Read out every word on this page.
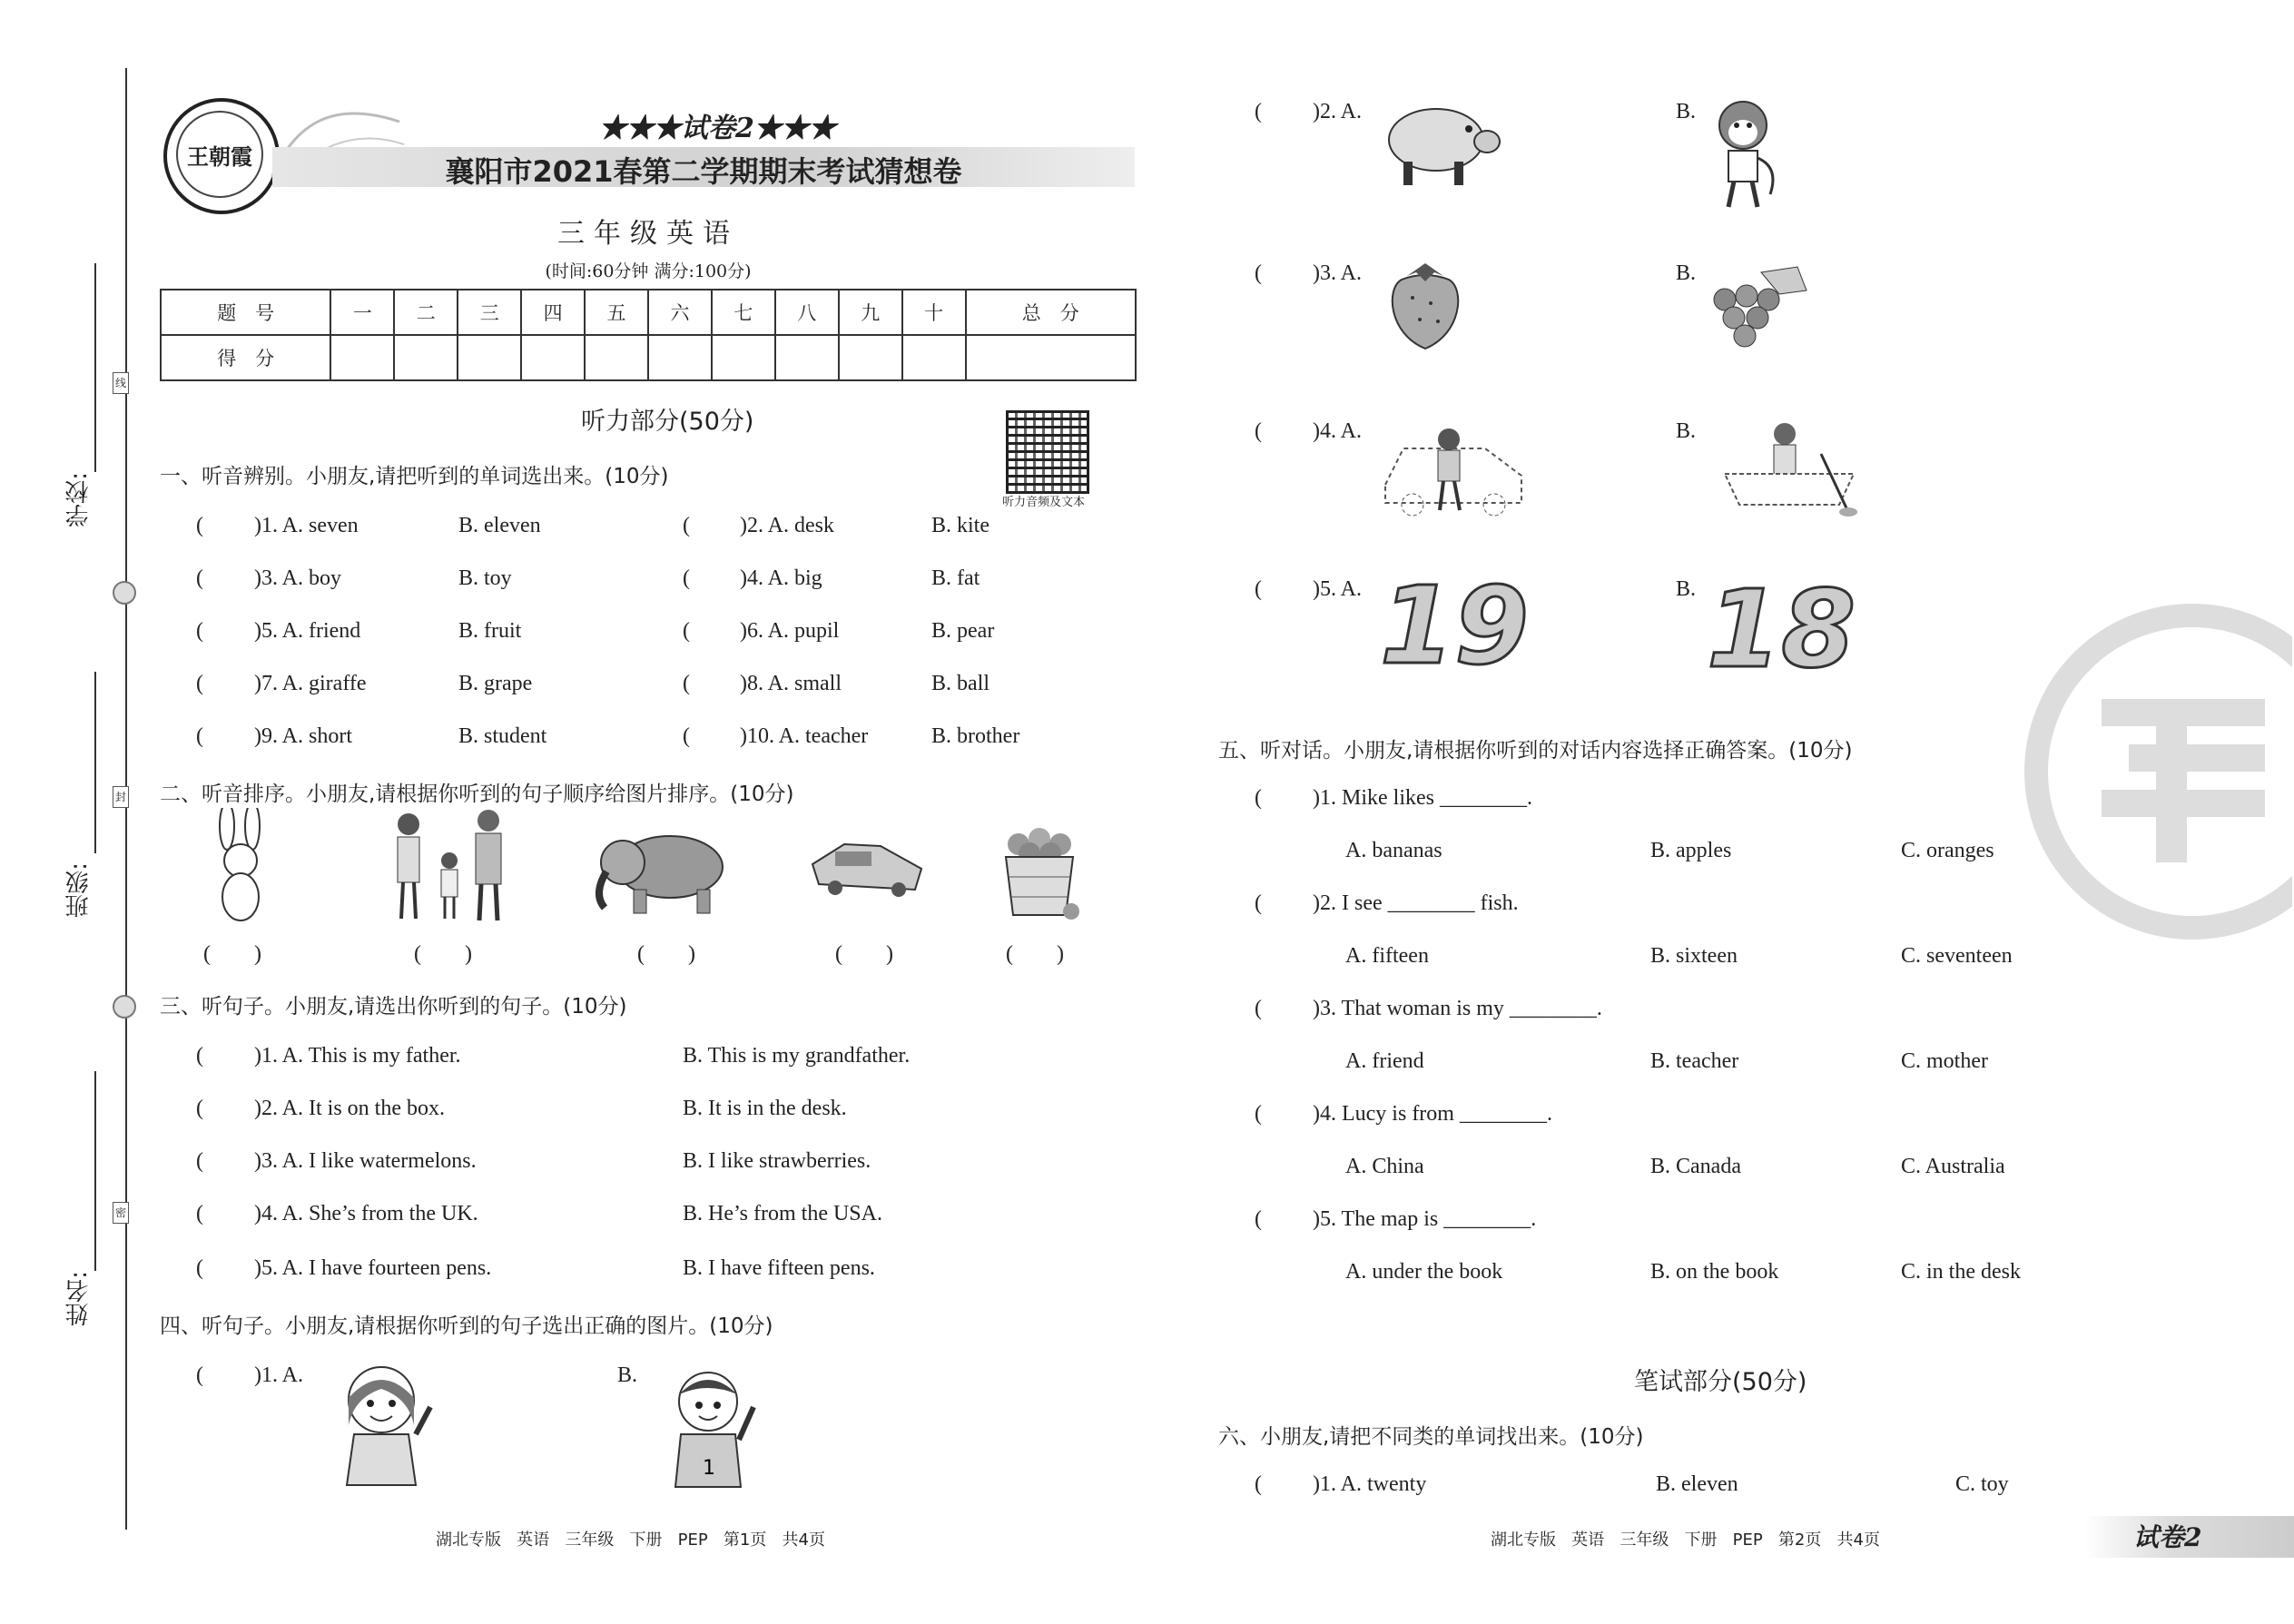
学校:
班级:
姓名:
线
封
密
王朝霞
★★★试卷2★★★
襄阳市2021春第二学期期末考试猜想卷
三年级英语
(时间:60分钟 满分:100分)
题　号	一	二	三	四	五	六	七	八	九	十	总　分
得　分											
听力部分(50分)
听力音频及文本
一、听音辨别。小朋友,请把听到的单词选出来。(10分)
( )1. A. seven	B. eleven	( )2. A. desk	B. kite
( )3. A. boy	B. toy	( )4. A. big	B. fat
( )5. A. friend	B. fruit	( )6. A. pupil	B. pear
( )7. A. giraffe	B. grape	( )8. A. small	B. ball
( )9. A. short	B. student	( )10. A. teacher	B. brother
二、听音排序。小朋友,请根据你听到的句子顺序给图片排序。(10分)
(　　)	(　　)	(　　)	(　　)	(　　)
三、听句子。小朋友,请选出你听到的句子。(10分)
( )1. A. This is my father.	B. This is my grandfather.
( )2. A. It is on the box.	B. It is in the desk.
( )3. A. I like watermelons.	B. I like strawberries.
( )4. A. She’s from the UK.	B. He’s from the USA.
( )5. A. I have fourteen pens.	B. I have fifteen pens.
四、听句子。小朋友,请根据你听到的句子选出正确的图片。(10分)
( )1. A.	B.
1
湖北专版   英语   三年级   下册   PEP   第1页   共4页
( )2. A.	B.
( )3. A.	B.
( )4. A.	B.
( )5. A. 19	B. 18
五、听对话。小朋友,请根据你听到的对话内容选择正确答案。(10分)
( )1. Mike likes ________.
A. bananas	B. apples	C. oranges
( )2. I see ________ fish.
A. fifteen	B. sixteen	C. seventeen
( )3. That woman is my ________.
A. friend	B. teacher	C. mother
( )4. Lucy is from ________.
A. China	B. Canada	C. Australia
( )5. The map is ________.
A. under the book	B. on the book	C. in the desk
笔试部分(50分)
六、小朋友,请把不同类的单词找出来。(10分)
( )1. A. twenty	B. eleven	C. toy
湖北专版   英语   三年级   下册   PEP   第2页   共4页	试卷2
